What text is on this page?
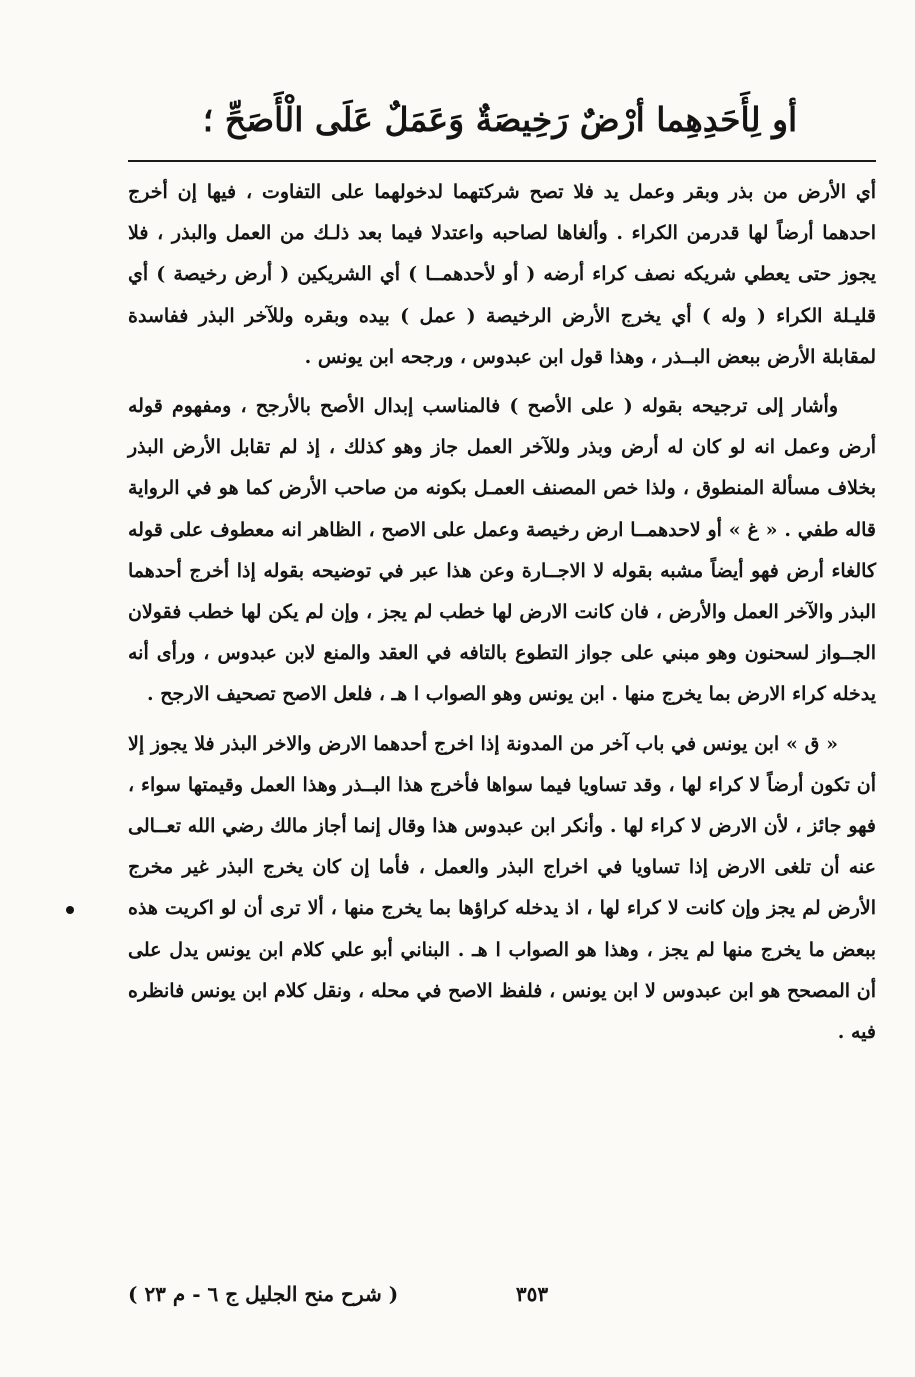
أو لِأَحَدِهِما أرْضٌ رَخِيصَةٌ وَعَمَلٌ عَلَى الْأَصَحِّ ؛

أي الأرض من بذر وبقر وعمل يد فلا تصح شركتهما لدخولهما على التفاوت ، فيها إن أخرج احدهما أرضاً لها قدرمن الكراء . وألغاها لصاحبه واعتدلا فيما بعد ذلـك من العمل والبذر ، فلا يجوز حتى يعطي شريكه نصف كراء أرضه ( أو لأحدهمــا ) أي الشريكين ( أرض رخيصة ) أي قليـلة الكراء ( وله ) أي يخرج الأرض الرخيصة ( عمل ) بيده وبقره وللآخر البذر ففاسدة لمقابلة الأرض ببعض البــذر ، وهذا قول ابن عبدوس ، ورجحه ابن يونس .

وأشار إلى ترجيحه بقوله ( على الأصح ) فالمناسب إبدال الأصح بالأرجح ، ومفهوم قوله أرض وعمل انه لو كان له أرض وبذر وللآخر العمل جاز وهو كذلك ، إذ لم تقابل الأرض البذر بخلاف مسألة المنطوق ، ولذا خص المصنف العمـل بكونه من صاحب الأرض كما هو في الرواية قاله طفي . « غ » أو لاحدهمــا ارض رخيصة وعمل على الاصح ، الظاهر انه معطوف على قوله كالغاء أرض فهو أيضاً مشبه بقوله لا الاجــارة وعن هذا عبر في توضيحه بقوله إذا أخرج أحدهما البذر والآخر العمل والأرض ، فان كانت الارض لها خطب لم يجز ، وإن لم يكن لها خطب فقولان الجــواز لسحنون وهو مبني على جواز التطوع بالتافه في العقد والمنع لابن عبدوس ، ورأى أنه يدخله كراء الارض بما يخرج منها . ابن يونس وهو الصواب ا هـ ، فلعل الاصح تصحيف الارجح .

« ق » ابن يونس في باب آخر من المدونة إذا اخرج أحدهما الارض والاخر البذر فلا يجوز إلا أن تكون أرضاً لا كراء لها ، وقد تساويا فيما سواها فأخرج هذا البــذر وهذا العمل وقيمتها سواء ، فهو جائز ، لأن الارض لا كراء لها . وأنكر ابن عبدوس هذا وقال إنما أجاز مالك رضي الله تعــالى عنه أن تلغى الارض إذا تساويا في اخراج البذر والعمل ، فأما إن كان يخرج البذر غير مخرج الأرض لم يجز وإن كانت لا كراء لها ، اذ يدخله كراؤها بما يخرج منها ، ألا ترى أن لو اكريت هذه ببعض ما يخرج منها لم يجز ، وهذا هو الصواب ا هـ . البناني أبو علي كلام ابن يونس يدل على أن المصحح هو ابن عبدوس لا ابن يونس ، فلفظ الاصح في محله ، ونقل كلام ابن يونس فانظره فيه .

٣٥٣
( شرح منح الجليل ج ٦ - م ٢٣ )
